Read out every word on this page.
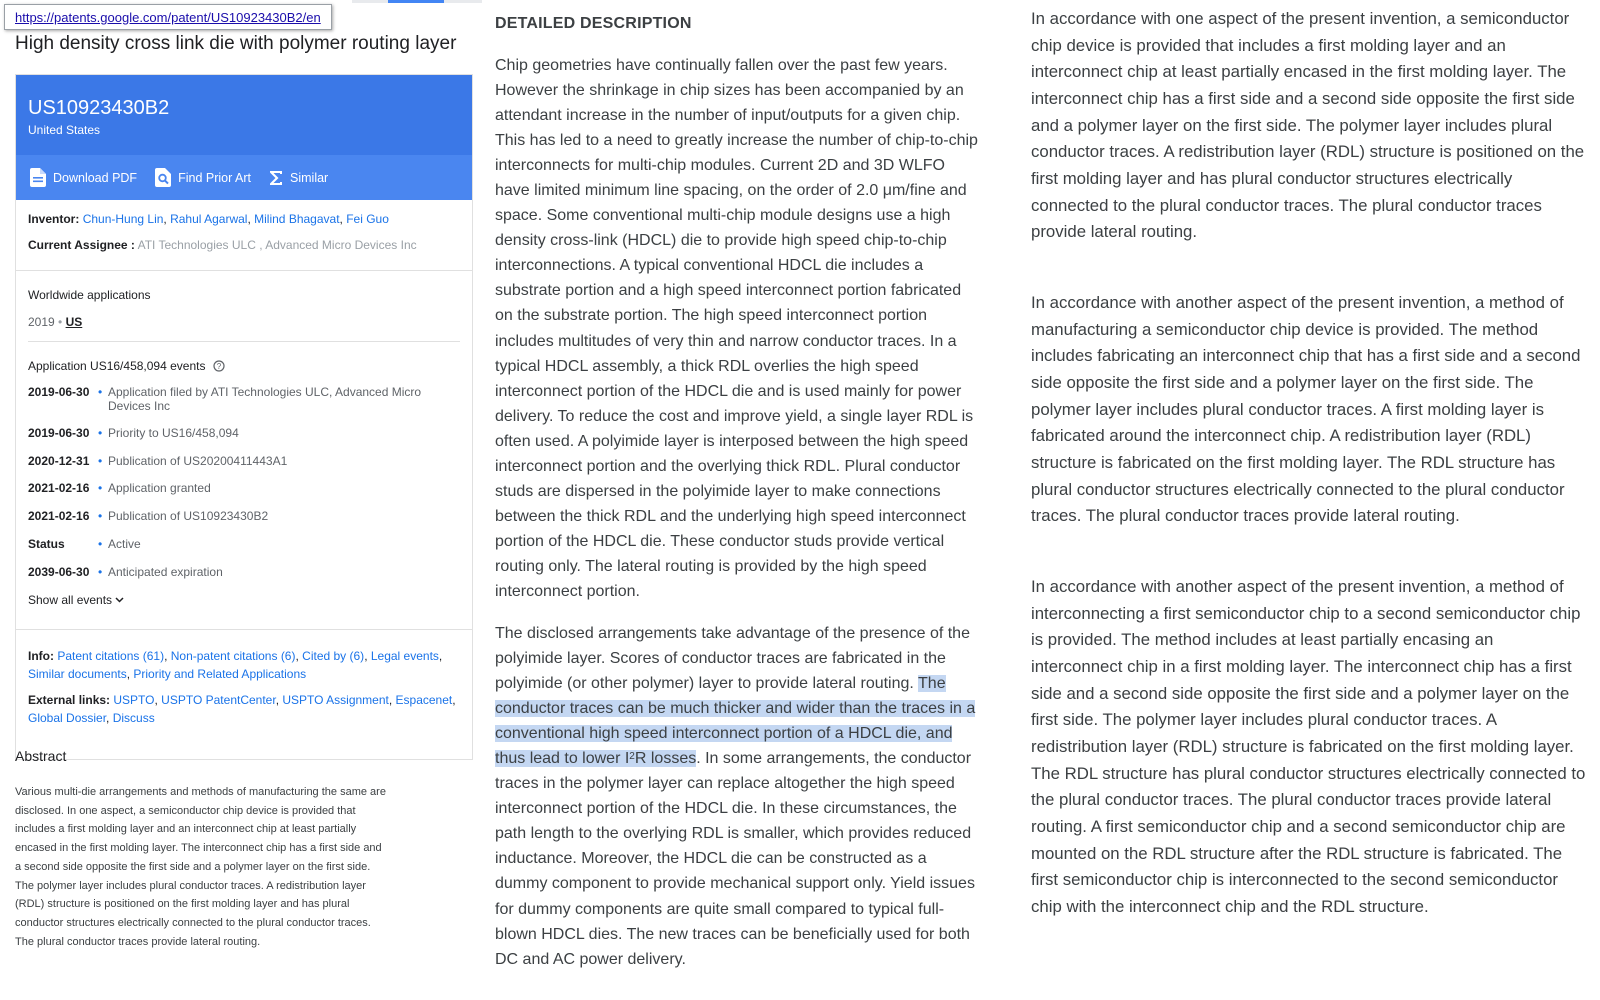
https://patents.google.com/patent/US10923430B2/en
High density cross link die with polymer routing layer
US10923430B2
United States
Download PDF	Find Prior Art	Similar
Inventor: Chun-Hung Lin, Rahul Agarwal, Milind Bhagavat, Fei Guo
Current Assignee : ATI Technologies ULC , Advanced Micro Devices Inc
Worldwide applications
2019 • US
Application US16/458,094 events ?
2019-06-30 • Application filed by ATI Technologies ULC, Advanced Micro Devices Inc
2019-06-30 • Priority to US16/458,094
2020-12-31 • Publication of US20200411443A1
2021-02-16 • Application granted
2021-02-16 • Publication of US10923430B2
Status	• Active
2039-06-30 • Anticipated expiration
Show all events
Info: Patent citations (61), Non-patent citations (6), Cited by (6), Legal events, Similar documents, Priority and Related Applications
External links: USPTO, USPTO PatentCenter, USPTO Assignment, Espacenet, Global Dossier, Discuss
Abstract
Various multi-die arrangements and methods of manufacturing the same are disclosed. In one aspect, a semiconductor chip device is provided that includes a first molding layer and an interconnect chip at least partially encased in the first molding layer. The interconnect chip has a first side and a second side opposite the first side and a polymer layer on the first side. The polymer layer includes plural conductor traces. A redistribution layer (RDL) structure is positioned on the first molding layer and has plural conductor structures electrically connected to the plural conductor traces. The plural conductor traces provide lateral routing.
DETAILED DESCRIPTION
Chip geometries have continually fallen over the past few years. However the shrinkage in chip sizes has been accompanied by an attendant increase in the number of input/outputs for a given chip. This has led to a need to greatly increase the number of chip-to-chip interconnects for multi-chip modules. Current 2D and 3D WLFO have limited minimum line spacing, on the order of 2.0 μm/fine and space. Some conventional multi-chip module designs use a high density cross-link (HDCL) die to provide high speed chip-to-chip interconnections. A typical conventional HDCL die includes a substrate portion and a high speed interconnect portion fabricated on the substrate portion. The high speed interconnect portion includes multitudes of very thin and narrow conductor traces. In a typical HDCL assembly, a thick RDL overlies the high speed interconnect portion of the HDCL die and is used mainly for power delivery. To reduce the cost and improve yield, a single layer RDL is often used. A polyimide layer is interposed between the high speed interconnect portion and the overlying thick RDL. Plural conductor studs are dispersed in the polyimide layer to make connections between the thick RDL and the underlying high speed interconnect portion of the HDCL die. These conductor studs provide vertical routing only. The lateral routing is provided by the high speed interconnect portion.
The disclosed arrangements take advantage of the presence of the polyimide layer. Scores of conductor traces are fabricated in the polyimide (or other polymer) layer to provide lateral routing. The conductor traces can be much thicker and wider than the traces in a conventional high speed interconnect portion of a HDCL die, and thus lead to lower $I^2R$ losses. In some arrangements, the conductor traces in the polymer layer can replace altogether the high speed interconnect portion of the HDCL die. In these circumstances, the path length to the overlying RDL is smaller, which provides reduced inductance. Moreover, the HDCL die can be constructed as a dummy component to provide mechanical support only. Yield issues for dummy components are quite small compared to typical full-blown HDCL dies. The new traces can be beneficially used for both DC and AC power delivery.
In accordance with one aspect of the present invention, a semiconductor chip device is provided that includes a first molding layer and an interconnect chip at least partially encased in the first molding layer. The interconnect chip has a first side and a second side opposite the first side and a polymer layer on the first side. The polymer layer includes plural conductor traces. A redistribution layer (RDL) structure is positioned on the first molding layer and has plural conductor structures electrically connected to the plural conductor traces. The plural conductor traces provide lateral routing.
In accordance with another aspect of the present invention, a method of manufacturing a semiconductor chip device is provided. The method includes fabricating an interconnect chip that has a first side and a second side opposite the first side and a polymer layer on the first side. The polymer layer includes plural conductor traces. A first molding layer is fabricated around the interconnect chip. A redistribution layer (RDL) structure is fabricated on the first molding layer. The RDL structure has plural conductor structures electrically connected to the plural conductor traces. The plural conductor traces provide lateral routing.
In accordance with another aspect of the present invention, a method of interconnecting a first semiconductor chip to a second semiconductor chip is provided. The method includes at least partially encasing an interconnect chip in a first molding layer. The interconnect chip has a first side and a second side opposite the first side and a polymer layer on the first side. The polymer layer includes plural conductor traces. A redistribution layer (RDL) structure is fabricated on the first molding layer. The RDL structure has plural conductor structures electrically connected to the plural conductor traces. The plural conductor traces provide lateral routing. A first semiconductor chip and a second semiconductor chip are mounted on the RDL structure after the RDL structure is fabricated. The first semiconductor chip is interconnected to the second semiconductor chip with the interconnect chip and the RDL structure.
